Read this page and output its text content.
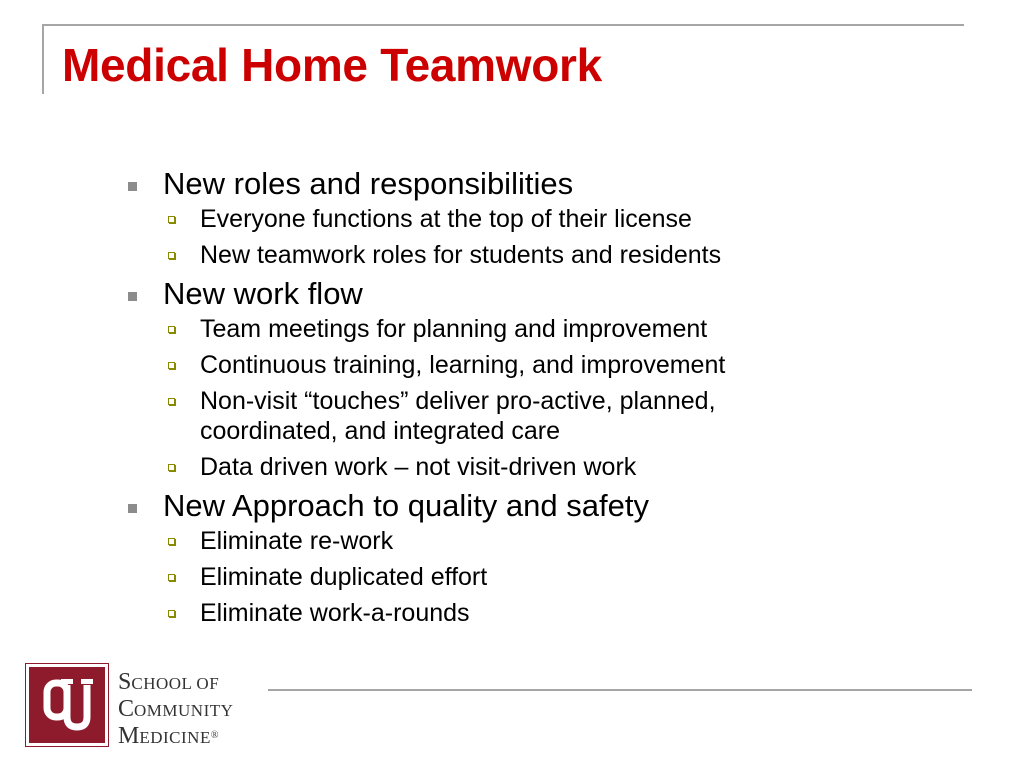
Medical Home Teamwork
New roles and responsibilities
Everyone functions at the top of their license
New teamwork roles for students and residents
New work flow
Team meetings for planning and improvement
Continuous training, learning, and improvement
Non-visit “touches” deliver pro-active, planned, coordinated, and integrated care
Data driven work – not visit-driven work
New Approach to quality and safety
Eliminate re-work
Eliminate duplicated effort
Eliminate work-a-rounds
SCHOOL OF
COMMUNITY
MEDICINE®
